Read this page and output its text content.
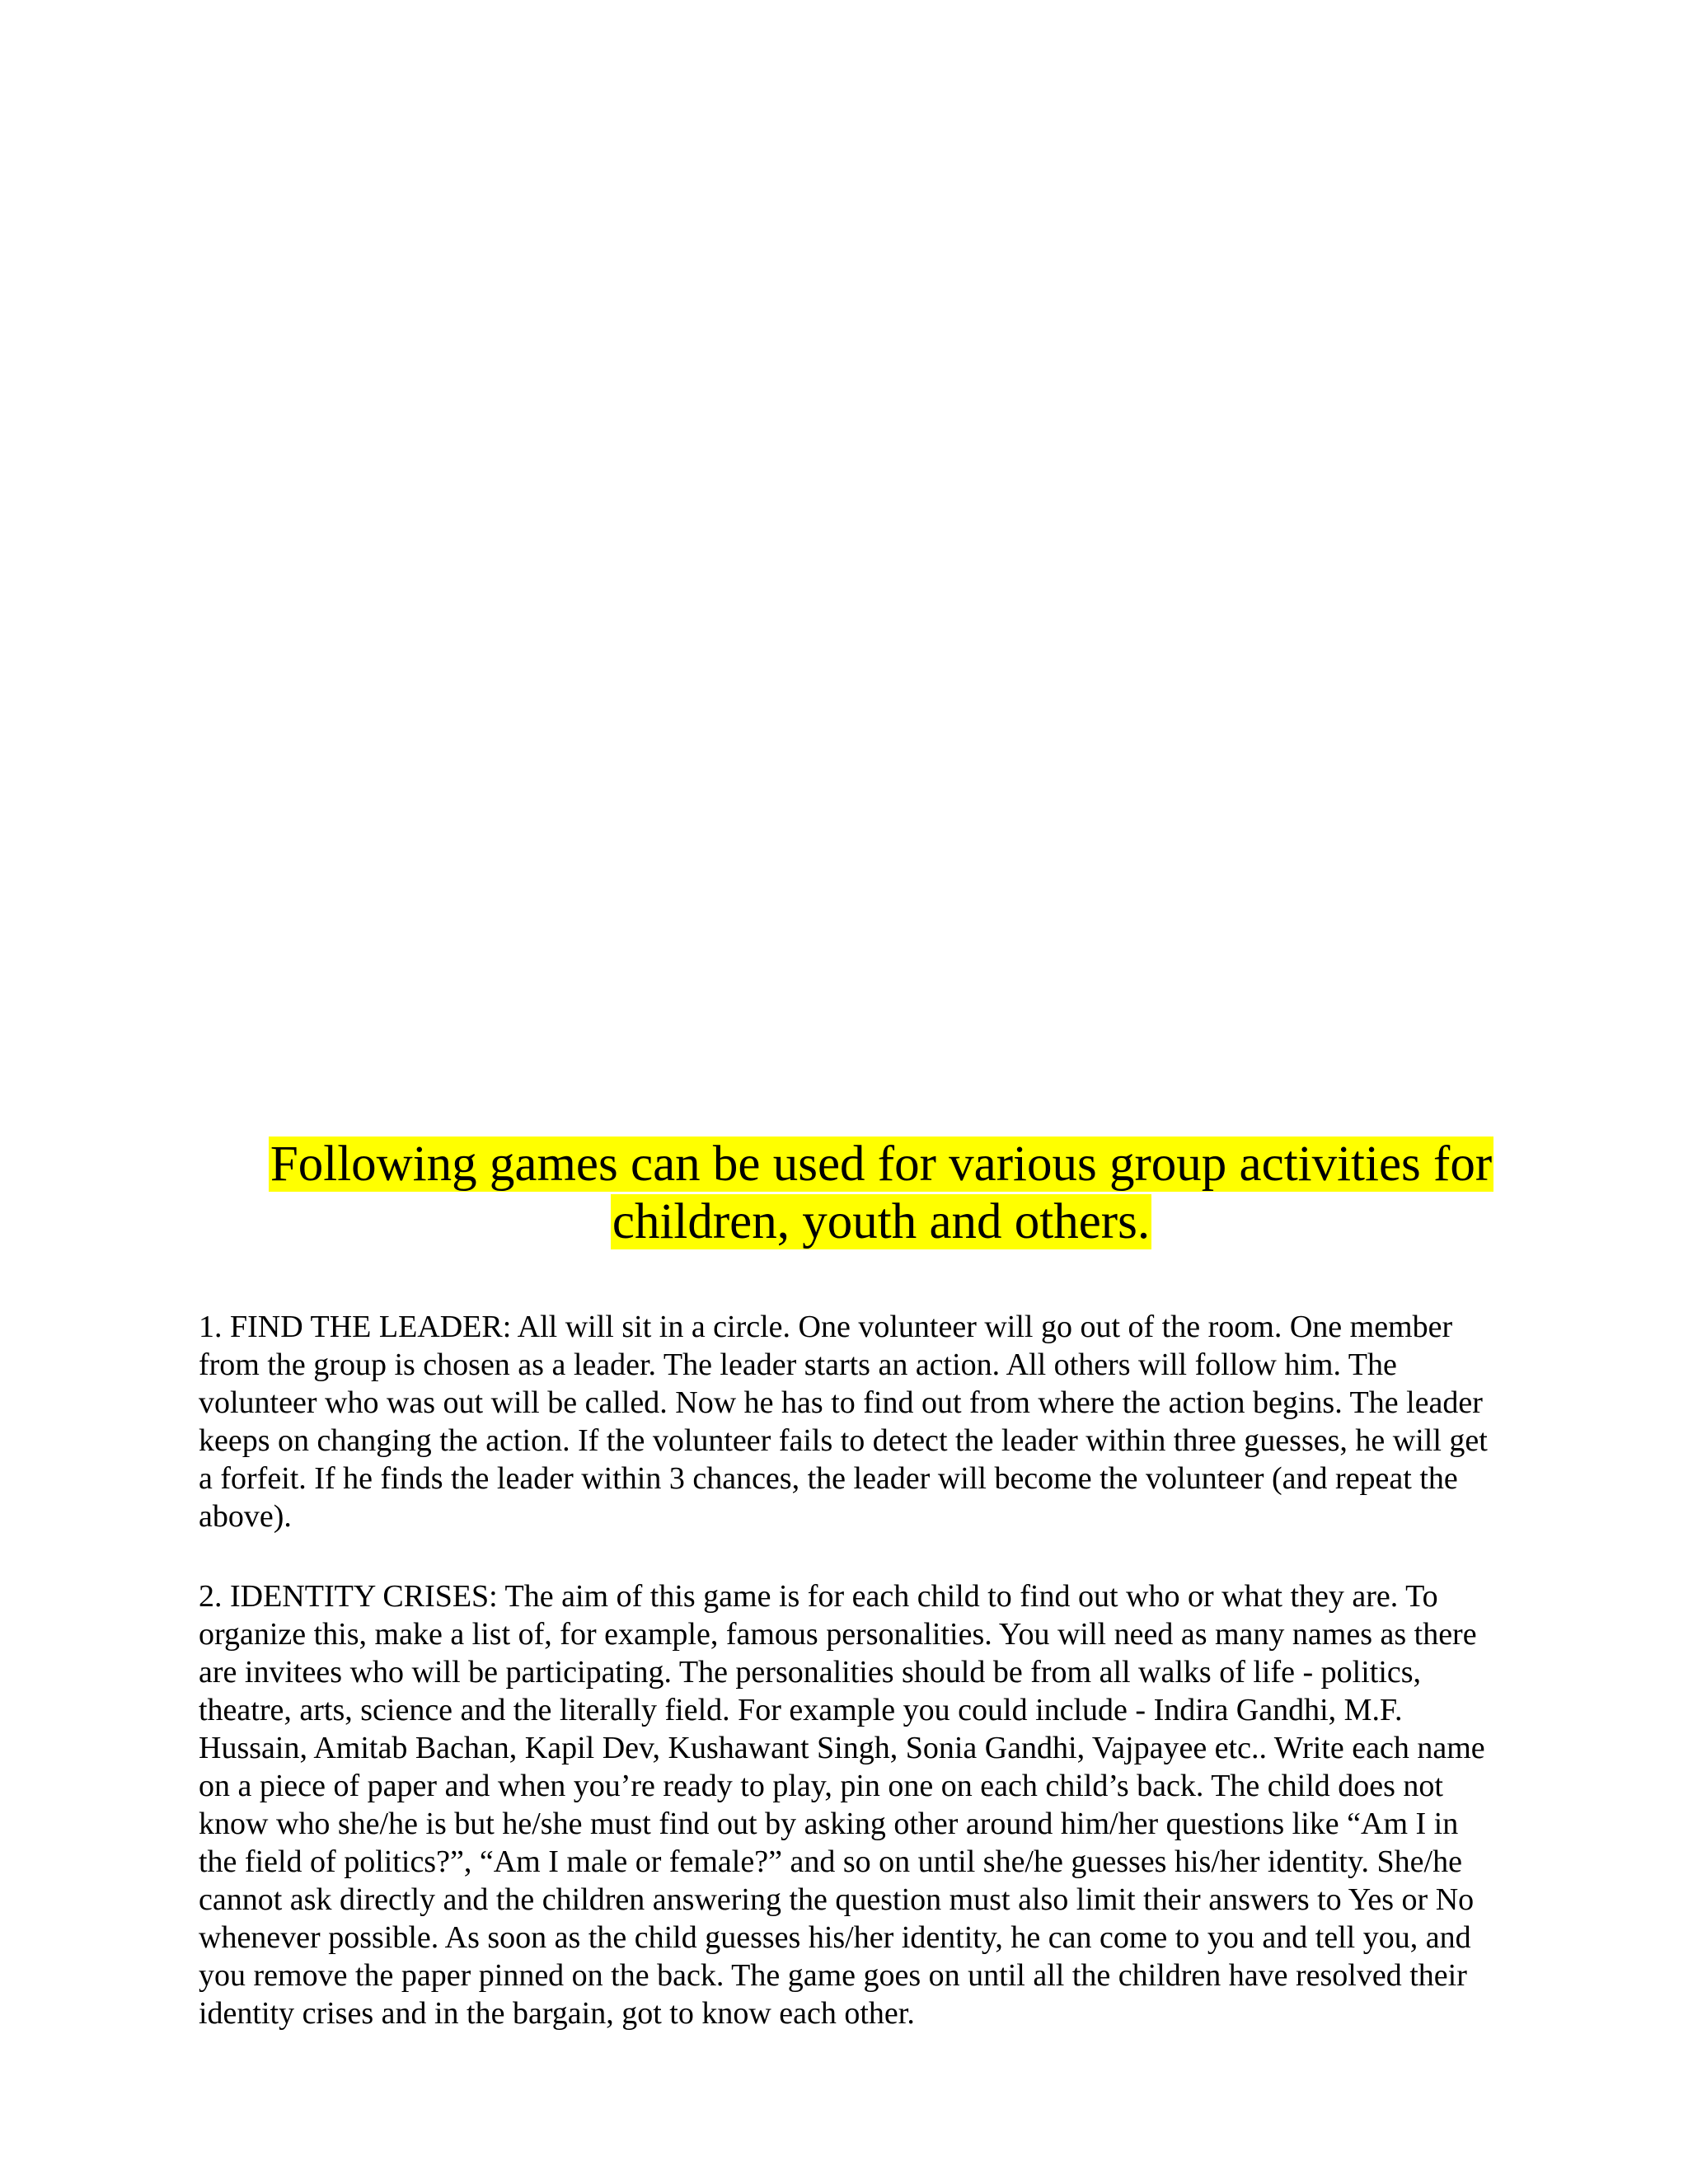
Following games can be used for various group activities for
children, youth and others.

1. FIND THE LEADER: All will sit in a circle. One volunteer will go out of the room. One member
from the group is chosen as a leader. The leader starts an action. All others will follow him. The
volunteer who was out will be called. Now he has to find out from where the action begins. The leader
keeps on changing the action. If the volunteer fails to detect the leader within three guesses, he will get
a forfeit. If he finds the leader within 3 chances, the leader will become the volunteer (and repeat the
above).

2. IDENTITY CRISES: The aim of this game is for each child to find out who or what they are. To
organize this, make a list of, for example, famous personalities. You will need as many names as there
are invitees who will be participating. The personalities should be from all walks of life - politics,
theatre, arts, science and the literally field. For example you could include - Indira Gandhi, M.F.
Hussain, Amitab Bachan, Kapil Dev, Kushawant Singh, Sonia Gandhi, Vajpayee etc.. Write each name
on a piece of paper and when you’re ready to play, pin one on each child’s back. The child does not
know who she/he is but he/she must find out by asking other around him/her questions like “Am I in
the field of politics?”, “Am I male or female?” and so on until she/he guesses his/her identity. She/he
cannot ask directly and the children answering the question must also limit their answers to Yes or No
whenever possible. As soon as the child guesses his/her identity, he can come to you and tell you, and
you remove the paper pinned on the back. The game goes on until all the children have resolved their
identity crises and in the bargain, got to know each other.
